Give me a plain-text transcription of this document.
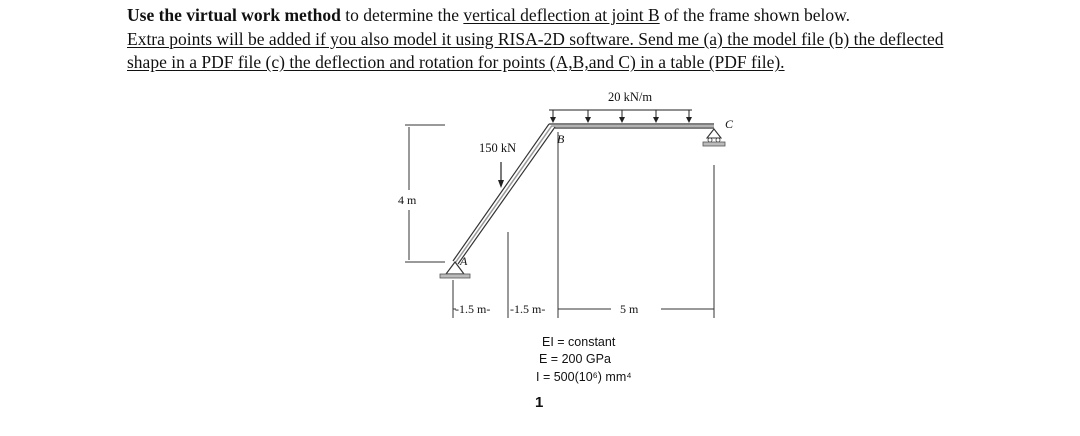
Use the virtual work method to determine the vertical deflection at joint B of the frame shown below.

Extra points will be added if you also model it using RISA-2D software. Send me (a) the model file (b) the deflected shape in a PDF file (c) the deflection and rotation for points (A,B,and C) in a table (PDF file).

20 kN/m
150 kN
B
C
A
4 m
-1.5 m- -1.5 m-	5 m
EI = constant
E = 200 GPa
I = 500(10⁶) mm⁴
1
